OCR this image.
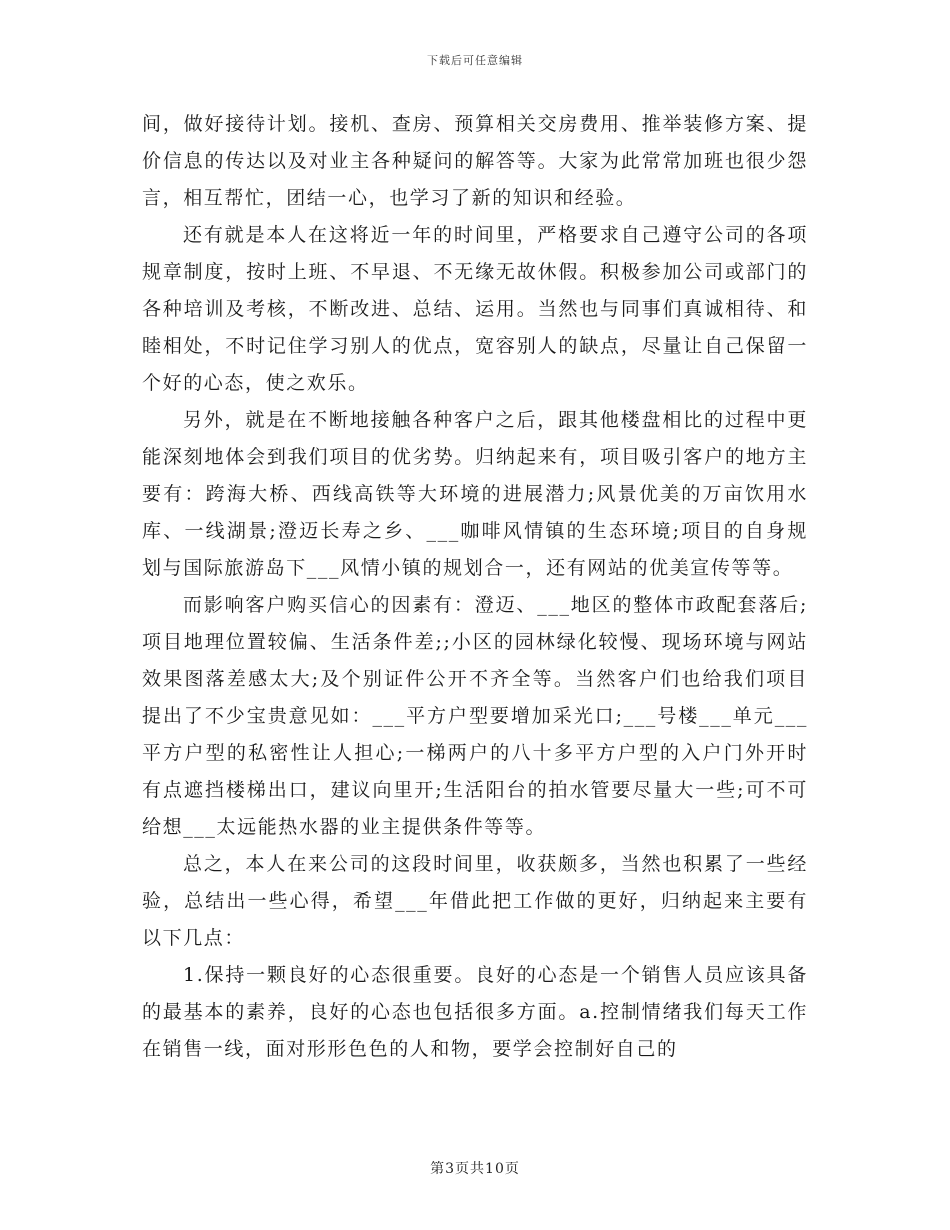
下载后可任意编辑

间，做好接待计划。接机、查房、预算相关交房费用、推举装修方案、提价信息的传达以及对业主各种疑问的解答等。大家为此常常加班也很少怨言，相互帮忙，团结一心，也学习了新的知识和经验。

还有就是本人在这将近一年的时间里，严格要求自己遵守公司的各项规章制度，按时上班、不早退、不无缘无故休假。积极参加公司或部门的各种培训及考核，不断改进、总结、运用。当然也与同事们真诚相待、和睦相处，不时记住学习别人的优点，宽容别人的缺点，尽量让自己保留一个好的心态，使之欢乐。

另外，就是在不断地接触各种客户之后，跟其他楼盘相比的过程中更能深刻地体会到我们项目的优劣势。归纳起来有，项目吸引客户的地方主要有：跨海大桥、西线高铁等大环境的进展潜力;风景优美的万亩饮用水库、一线湖景;澄迈长寿之乡、___咖啡风情镇的生态环境;项目的自身规划与国际旅游岛下___风情小镇的规划合一，还有网站的优美宣传等等。

而影响客户购买信心的因素有：澄迈、___地区的整体市政配套落后;项目地理位置较偏、生活条件差;;小区的园林绿化较慢、现场环境与网站效果图落差感太大;及个别证件公开不齐全等。当然客户们也给我们项目提出了不少宝贵意见如：___平方户型要增加采光口;___号楼___单元___平方户型的私密性让人担心;一梯两户的八十多平方户型的入户门外开时有点遮挡楼梯出口，建议向里开;生活阳台的拍水管要尽量大一些;可不可给想___太远能热水器的业主提供条件等等。

总之，本人在来公司的这段时间里，收获颇多，当然也积累了一些经验，总结出一些心得，希望___年借此把工作做的更好，归纳起来主要有以下几点：

1.保持一颗良好的心态很重要。良好的心态是一个销售人员应该具备的最基本的素养，良好的心态也包括很多方面。a.控制情绪我们每天工作在销售一线，面对形形色色的人和物，要学会控制好自己的

第3页共10页
